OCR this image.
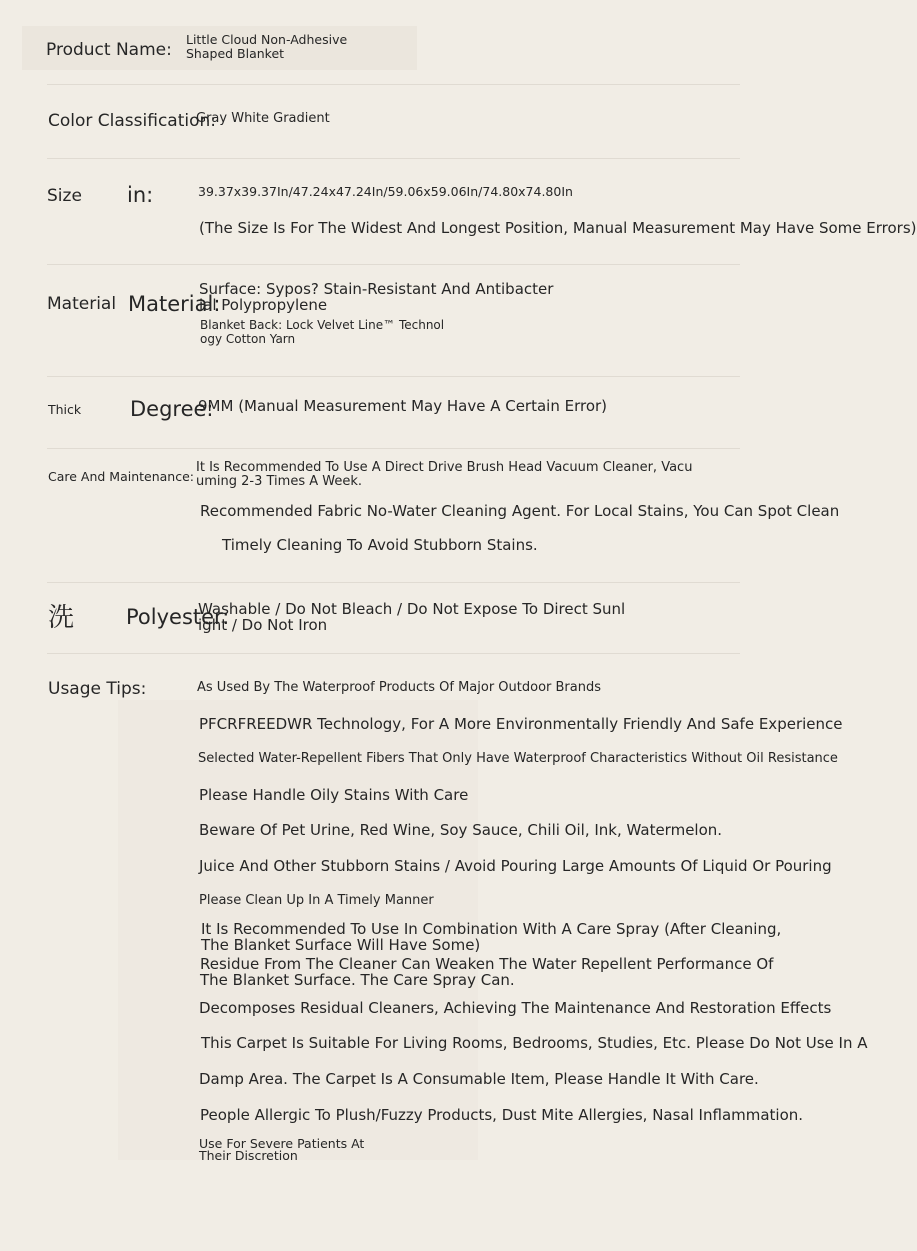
Product Name:
Little Cloud Non-Adhesive Shaped Blanket
Color Classification:
Gray White Gradient
Size in:	39.37x39.37In/47.24x47.24In/59.06x59.06In/74.80x74.80In
(The Size Is For The Widest And Longest Position, Manual Measurement May Have Some Errors)
Material Material:
Surface: Sypos? Stain-Resistant And Antibacterial Polypropylene
Blanket Back: Lock Velvet Line™ Technology Cotton Yarn
Thick Degree:
9MM (Manual Measurement May Have A Certain Error)
Care And Maintenance:
It Is Recommended To Use A Direct Drive Brush Head Vacuum Cleaner, Vacuuming 2-3 Times A Week.
Recommended Fabric No-Water Cleaning Agent. For Local Stains, You Can Spot Clean
Timely Cleaning To Avoid Stubborn Stains.
洗 Polyester:
Washable / Do Not Bleach / Do Not Expose To Direct Sunlight / Do Not Iron
Usage Tips:	As Used By The Waterproof Products Of Major Outdoor Brands
PFCRFREEDWR Technology, For A More Environmentally Friendly And Safe Experience
Selected Water-Repellent Fibers That Only Have Waterproof Characteristics Without Oil Resistance
Please Handle Oily Stains With Care
Beware Of Pet Urine, Red Wine, Soy Sauce, Chili Oil, Ink, Watermelon.
Juice And Other Stubborn Stains / Avoid Pouring Large Amounts Of Liquid Or Pouring
Please Clean Up In A Timely Manner
It Is Recommended To Use In Combination With A Care Spray (After Cleaning, The Blanket Surface Will Have Some)
Residue From The Cleaner Can Weaken The Water Repellent Performance Of The Blanket Surface. The Care Spray Can.
Decomposes Residual Cleaners, Achieving The Maintenance And Restoration Effects
This Carpet Is Suitable For Living Rooms, Bedrooms, Studies, Etc. Please Do Not Use In A
Damp Area. The Carpet Is A Consumable Item, Please Handle It With Care.
People Allergic To Plush/Fuzzy Products, Dust Mite Allergies, Nasal Inflammation.
Use For Severe Patients At Their Discretion
